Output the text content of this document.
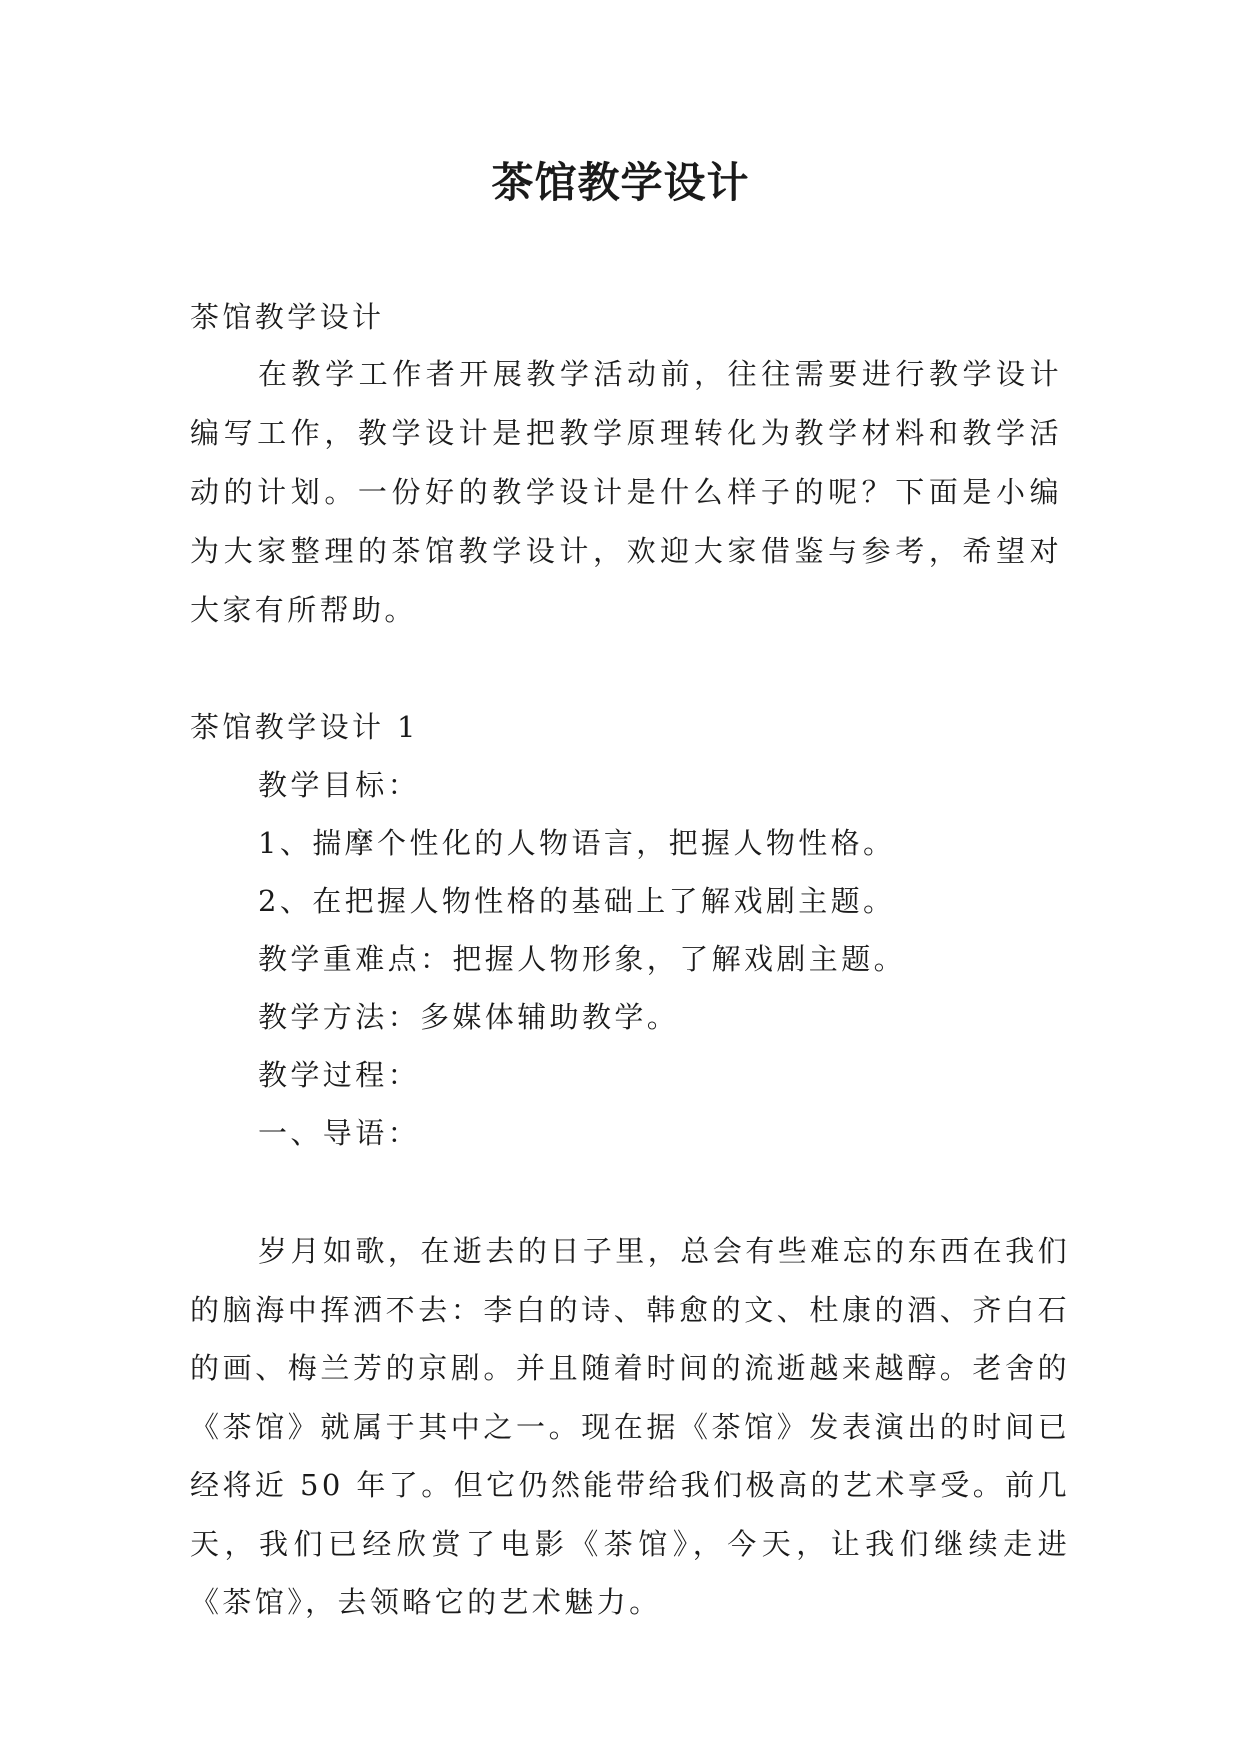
茶馆教学设计

茶馆教学设计

在教学工作者开展教学活动前，往往需要进行教学设计编写工作，教学设计是把教学原理转化为教学材料和教学活动的计划。一份好的教学设计是什么样子的呢？下面是小编为大家整理的茶馆教学设计，欢迎大家借鉴与参考，希望对大家有所帮助。

茶馆教学设计 1

教学目标：
1、揣摩个性化的人物语言，把握人物性格。
2、在把握人物性格的基础上了解戏剧主题。
教学重难点：把握人物形象，了解戏剧主题。
教学方法：多媒体辅助教学。
教学过程：
一、导语：

岁月如歌，在逝去的日子里，总会有些难忘的东西在我们的脑海中挥洒不去：李白的诗、韩愈的文、杜康的酒、齐白石的画、梅兰芳的京剧。并且随着时间的流逝越来越醇。老舍的《茶馆》就属于其中之一。现在据《茶馆》发表演出的时间已经将近 50 年了。但它仍然能带给我们极高的艺术享受。前几天，我们已经欣赏了电影《茶馆》，今天，让我们继续走进《茶馆》，去领略它的艺术魅力。
